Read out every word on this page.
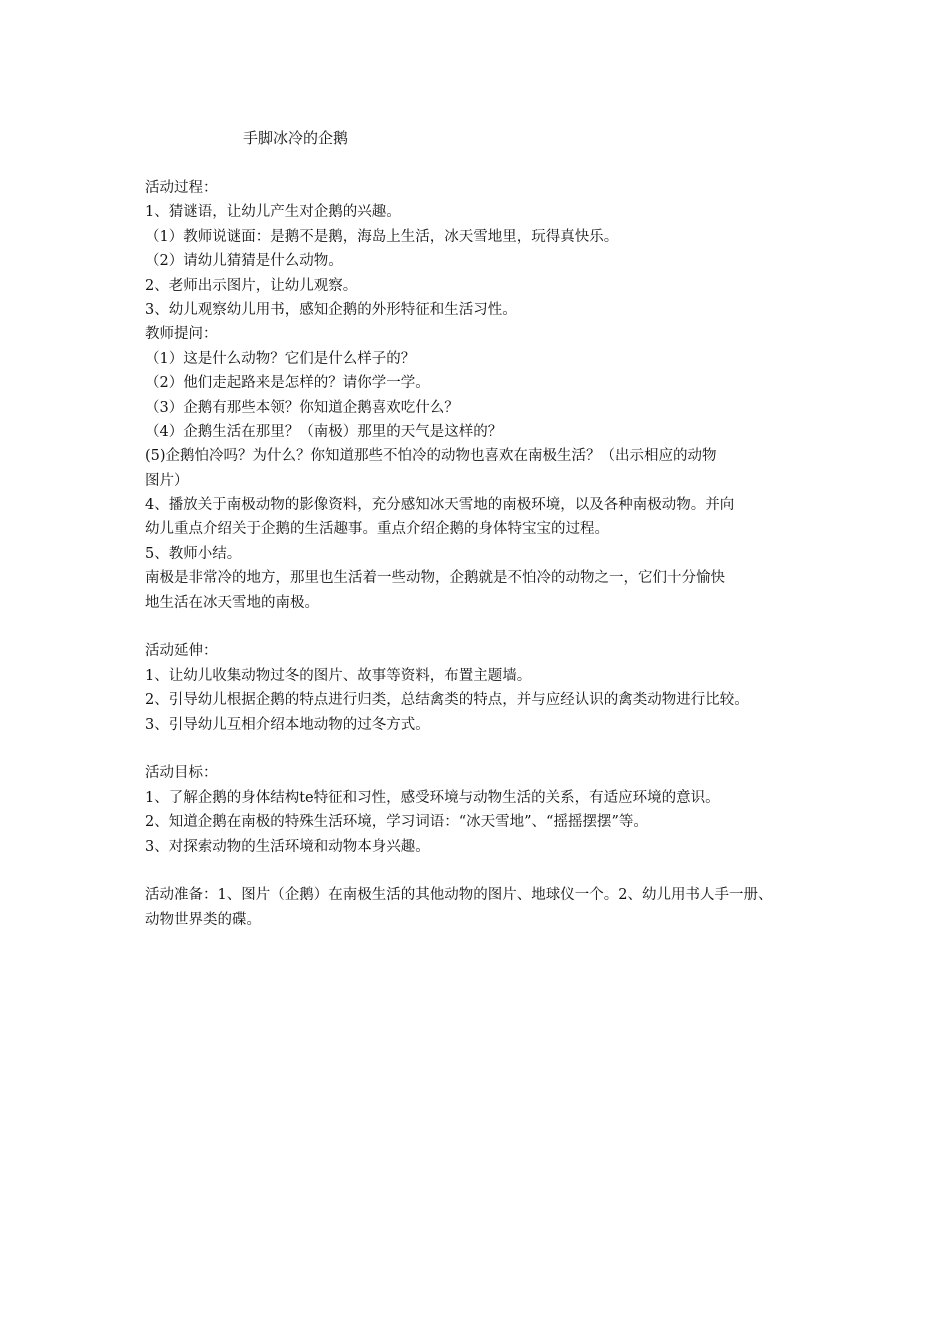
手脚冰冷的企鹅
活动过程：
1、猜谜语，让幼儿产生对企鹅的兴趣。
（1）教师说谜面：是鹅不是鹅，海岛上生活，冰天雪地里，玩得真快乐。
（2）请幼儿猜猜是什么动物。
2、老师出示图片，让幼儿观察。
3、幼儿观察幼儿用书，感知企鹅的外形特征和生活习性。
教师提问：
（1）这是什么动物？它们是什么样子的？
（2）他们走起路来是怎样的？请你学一学。
（3）企鹅有那些本领？你知道企鹅喜欢吃什么？
（4）企鹅生活在那里？（南极）那里的天气是这样的？
(5)企鹅怕冷吗？为什么？你知道那些不怕冷的动物也喜欢在南极生活？（出示相应的动物
图片）
4、播放关于南极动物的影像资料，充分感知冰天雪地的南极环境，以及各种南极动物。并向
幼儿重点介绍关于企鹅的生活趣事。重点介绍企鹅的身体特宝宝的过程。
5、教师小结。
南极是非常冷的地方，那里也生活着一些动物，企鹅就是不怕冷的动物之一，它们十分愉快
地生活在冰天雪地的南极。
活动延伸：
1、让幼儿收集动物过冬的图片、故事等资料，布置主题墙。
2、引导幼儿根据企鹅的特点进行归类，总结禽类的特点，并与应经认识的禽类动物进行比较。
3、引导幼儿互相介绍本地动物的过冬方式。
活动目标：
1、了解企鹅的身体结构te特征和习性，感受环境与动物生活的关系，有适应环境的意识。
2、知道企鹅在南极的特殊生活环境，学习词语：“冰天雪地”、“摇摇摆摆”等。
3、对探索动物的生活环境和动物本身兴趣。
活动准备：1、图片（企鹅）在南极生活的其他动物的图片、地球仪一个。2、幼儿用书人手一册、
动物世界类的碟。
